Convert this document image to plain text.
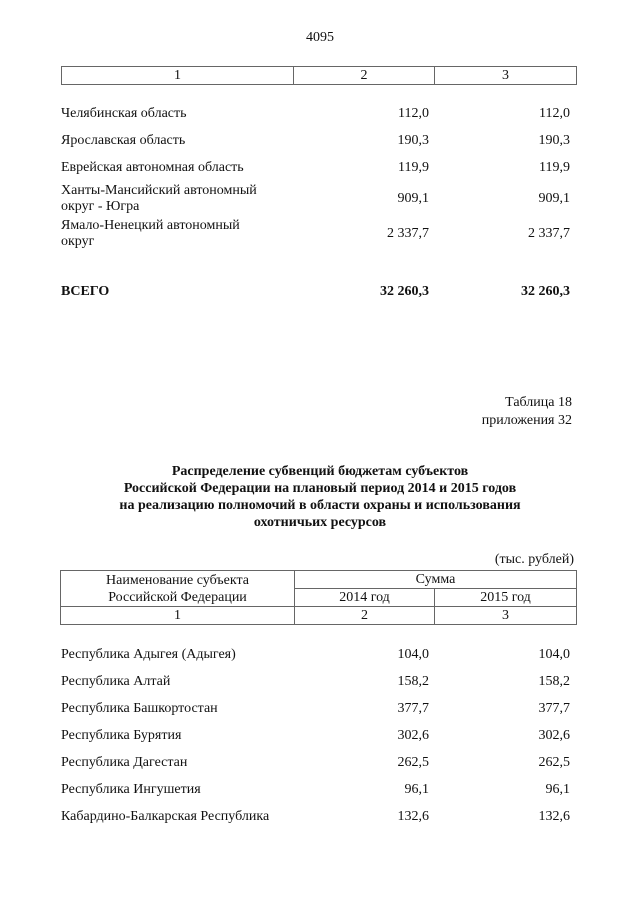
4095
1	2	3
Челябинская область	112,0	112,0
Ярославская область	190,3	190,3
Еврейская автономная область	119,9	119,9
Ханты-Мансийский автономный
округ - Югра
909,1	909,1
Ямало-Ненецкий автономный
округ
2 337,7	2 337,7
ВСЕГО	32 260,3	32 260,3
Таблица 18
приложения 32
Распределение субвенций бюджетам субъектов
Российской Федерации на плановый период 2014 и 2015 годов
на реализацию полномочий в области охраны и использования
охотничьих ресурсов
(тыс. рублей)
Наименование субъекта
Российской Федерации	Сумма	
	2014 год	2015 год
1	2	3
Республика Адыгея (Адыгея)	104,0	104,0
Республика Алтай	158,2	158,2
Республика Башкортостан	377,7	377,7
Республика Бурятия	302,6	302,6
Республика Дагестан	262,5	262,5
Республика Ингушетия	96,1	96,1
Кабардино-Балкарская Республика	132,6	132,6
